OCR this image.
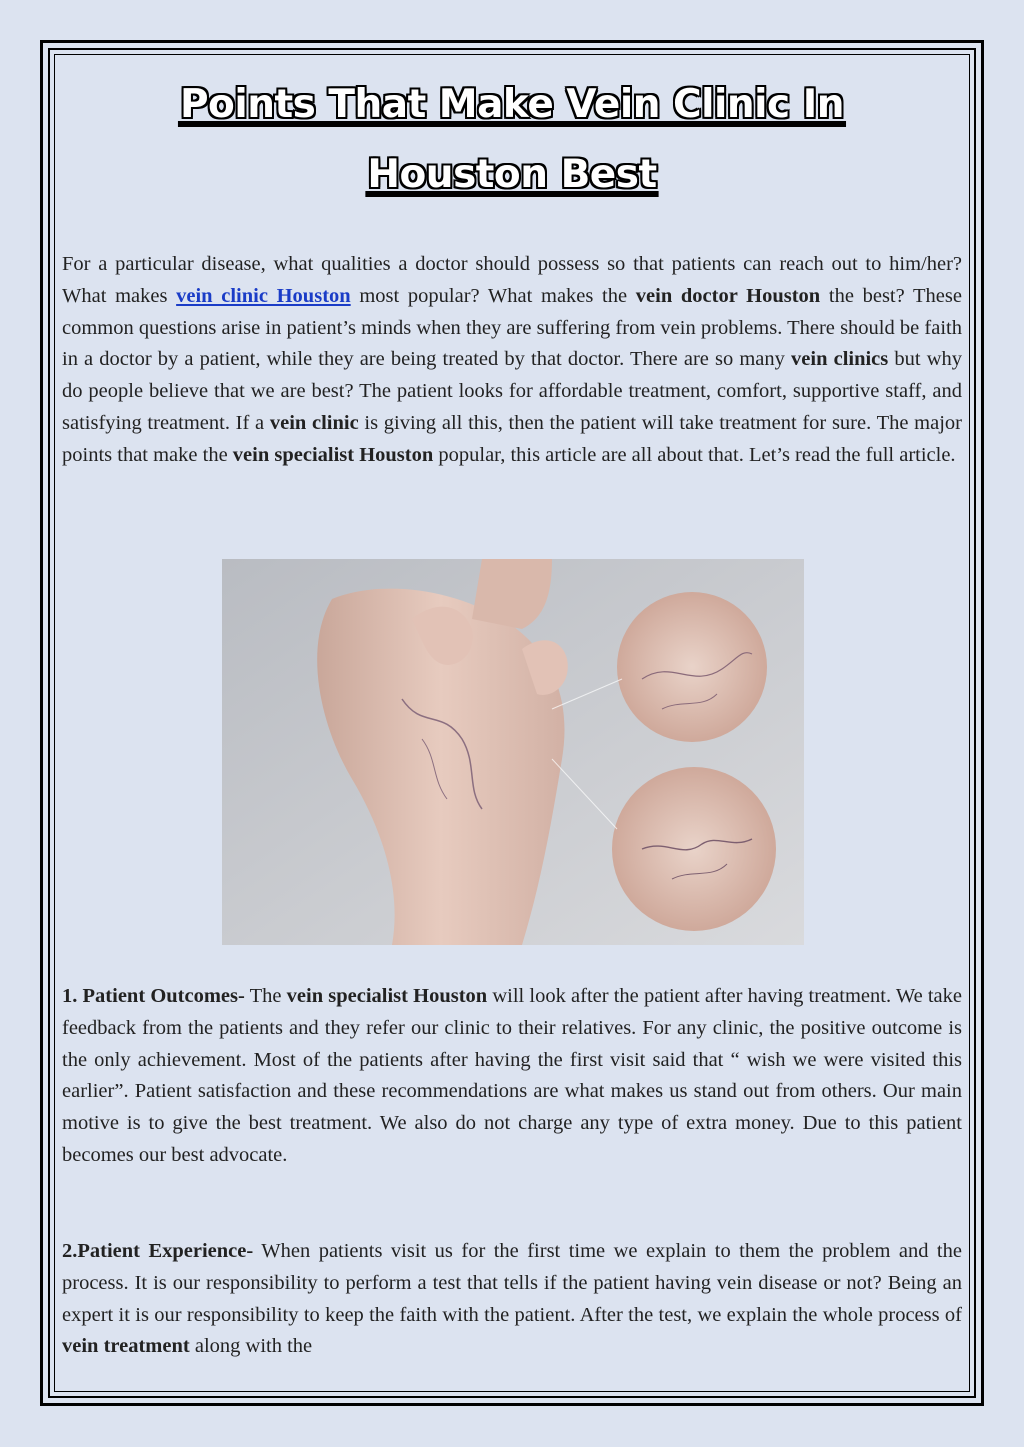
Points That Make Vein Clinic In
Houston Best

For a particular disease, what qualities a doctor should possess so that patients can reach out to him/her? What makes vein clinic Houston most popular? What makes the vein doctor Houston the best? These common questions arise in patient’s minds when they are suffering from vein problems. There should be faith in a doctor by a patient, while they are being treated by that doctor. There are so many vein clinics but why do people believe that we are best? The patient looks for affordable treatment, comfort, supportive staff, and satisfying treatment. If a vein clinic is giving all this, then the patient will take treatment for sure. The major points that make the vein specialist Houston popular, this article are all about that. Let’s read the full article.

1. Patient Outcomes- The vein specialist Houston will look after the patient after having treatment. We take feedback from the patients and they refer our clinic to their relatives. For any clinic, the positive outcome is the only achievement. Most of the patients after having the first visit said that “ wish we were visited this earlier”. Patient satisfaction and these recommendations are what makes us stand out from others. Our main motive is to give the best treatment. We also do not charge any type of extra money. Due to this patient becomes our best advocate.

2.Patient Experience- When patients visit us for the first time we explain to them the problem and the process. It is our responsibility to perform a test that tells if the patient having vein disease or not? Being an expert it is our responsibility to keep the faith with the patient. After the test, we explain the whole process of vein treatment along with the
